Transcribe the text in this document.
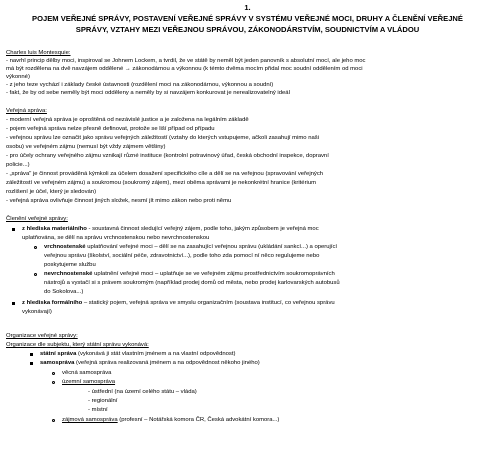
1.
POJEM VEŘEJNÉ SPRÁVY, POSTAVENÍ VEŘEJNÉ SPRÁVY V SYSTÉMU VEŘEJNÉ MOCI, DRUHY A ČLENĚNÍ VEŘEJNÉ
SPRÁVY, VZTAHY MEZI VEŘEJNOU SPRÁVOU, ZÁKONODÁRSTVÍM, SOUDNICTVÍM A VLÁDOU
Charles luis Montesquie:
- navrhl princip dělby moci, inspiroval se Johnem Lockem, a tvrdil, že ve státě by neměl být jeden panovník s absolutní mocí, ale jeho moc
má být rozdělena na dvě navzájem oddělené → zákonodárnou a výkonnou (k témto dvěma mocím přidal moc soudní oddělením od moci
výkonné)
- z jeho teze vychází i základy české ústavnosti (rozdělení moci na zákonodárnou, výkonnou a soudní)
- fakt, že by od sebe neměly být moci odděleny a neměly by si navzájem konkurovat je nerealizovatelný ideál
Veřejná správa:
- moderní veřejná správa je oproštěná od nezávislé justice a je založena na legálním základě
- pojem veřejná správa nelze přesně definovat, protože se liší případ od případu
- veřejnou správu lze označit jako správu veřejných záležitostí (vztahy do kterých vstupujeme, ačkoli zasahují mimo naši
osobu) ve veřejném zájmu (nemusí být vždy zájmem většiny)
- pro účely ochrany veřejného zájmu vznikají různé instituce (kontrolní potravinový úřad, česká obchodní inspekce, dopravní
policie...)
- „správa" je činnost prováděná kýmkoli za účelem dosažení specifického cíle a dělí se na veřejnou (spravování veřejných
záležitostí ve veřejném zájmu) a soukromou (soukromý zájem), mezi oběma správami je nekonkrétní hranice (kritérium
rozlišení je účel, který je sledován)
- veřejná správa ovlivňuje činnost jiných složek, nesmí jít mimo zákon nebo proti němu
Členění veřejné správy:
z hlediska materiálního - soustavná činnost sledující veřejný zájem, podle toho, jakým způsobem je veřejná moc
uplatňována, se dělí na správu vrchnostenskou nebo nevrchnostenskou
vrchnostenské uplatňování veřejné moci – dělí se na zasahující veřejnou správu (ukládání sankcí...) a operující
veřejnou správu (školství, sociální péče, zdravotnictví...), podle toho zda pomocí ní něco regulujeme nebo
poskytujeme službu
nevrchnostenské uplatnění veřejné moci – uplatňuje se ve veřejném zájmu prostřednictvím soukromoprávních
nástrojů a vystačí si s právem soukromým (například prodej domů od města, nebo prodej karlovarských autobusů
do Sokolova...)
z hlediska formálního – statický pojem, veřejná správa ve smyslu organizačním (soustava institucí, co veřejnou správu
vykonávají)
Organizace veřejné správy:
Organizace dle subjektu, který státní správu vykonává:
státní správa (vykonává ji stát vlastním jménem a na vlastní odpovědnost)
samospráva (veřejná správa realizovaná jménem a na odpovědnost někoho jiného)
věcná samospráva
územní samospráva
- ústřední (na území celého státu – vláda)
- regionální
- místní
zájmová samospráva (profesní – Notářská komora ČR, Česká advokátní komora...)
